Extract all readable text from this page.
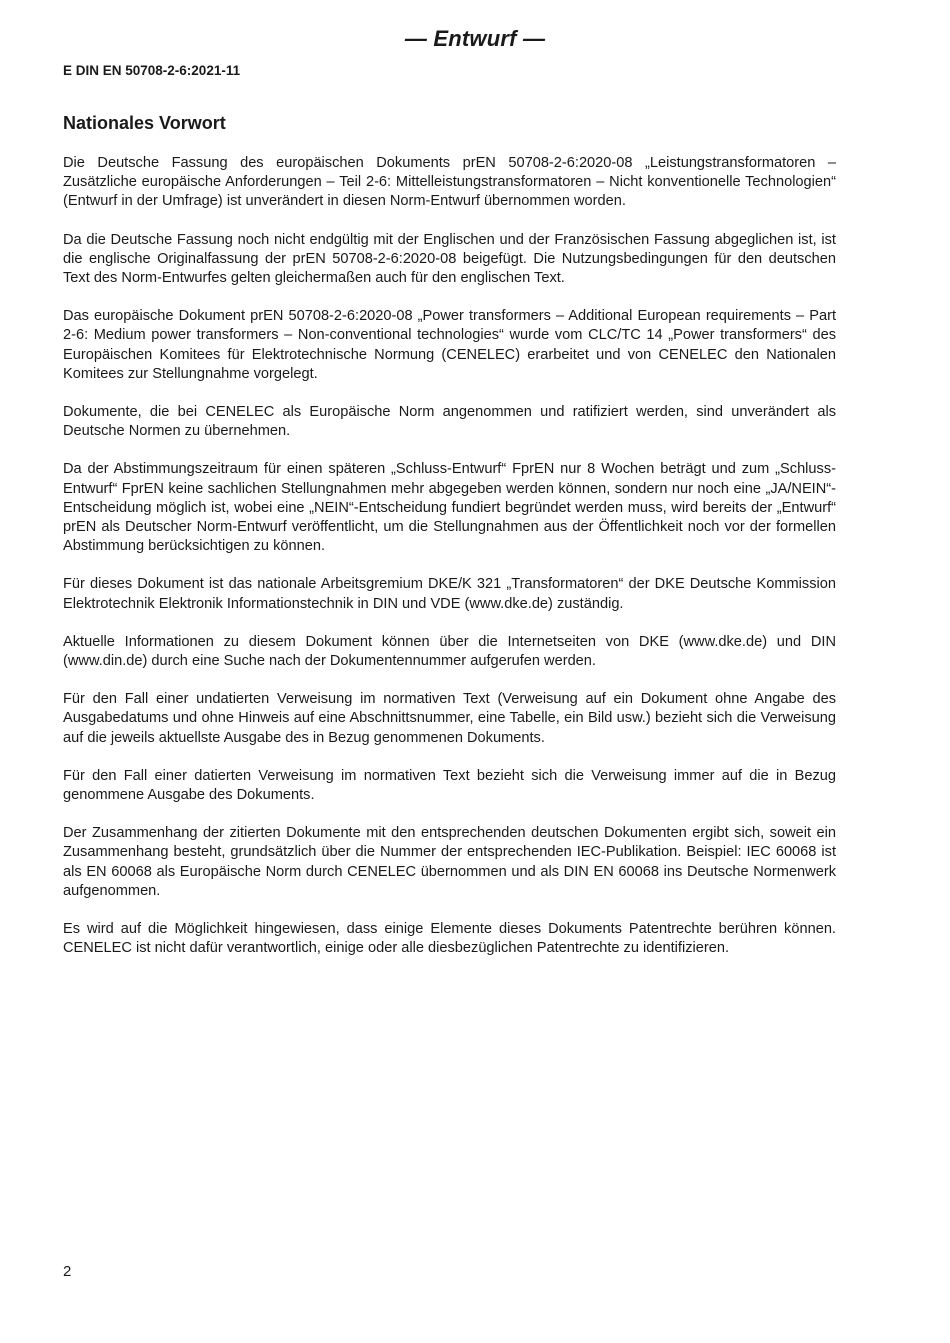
— Entwurf —
E DIN EN 50708-2-6:2021-11
Nationales Vorwort

Die Deutsche Fassung des europäischen Dokuments prEN 50708-2-6:2020-08 „Leistungstransformatoren – Zusätzliche europäische Anforderungen – Teil 2-6: Mittelleistungstransformatoren – Nicht konventionelle Technologien“ (Entwurf in der Umfrage) ist unverändert in diesen Norm-Entwurf übernommen worden.

Da die Deutsche Fassung noch nicht endgültig mit der Englischen und der Französischen Fassung abgeglichen ist, ist die englische Originalfassung der prEN 50708-2-6:2020-08 beigefügt. Die Nutzungsbedingungen für den deutschen Text des Norm-Entwurfes gelten gleichermaßen auch für den englischen Text.

Das europäische Dokument prEN 50708-2-6:2020-08 „Power transformers – Additional European requirements – Part 2-6: Medium power transformers – Non-conventional technologies“ wurde vom CLC/TC 14 „Power transformers“ des Europäischen Komitees für Elektrotechnische Normung (CENELEC) erarbeitet und von CENELEC den Nationalen Komitees zur Stellungnahme vorgelegt.

Dokumente, die bei CENELEC als Europäische Norm angenommen und ratifiziert werden, sind unverändert als Deutsche Normen zu übernehmen.

Da der Abstimmungszeitraum für einen späteren „Schluss-Entwurf“ FprEN nur 8 Wochen beträgt und zum „Schluss-Entwurf“ FprEN keine sachlichen Stellungnahmen mehr abgegeben werden können, sondern nur noch eine „JA/NEIN“-Entscheidung möglich ist, wobei eine „NEIN“-Entscheidung fundiert begründet werden muss, wird bereits der „Entwurf“ prEN als Deutscher Norm-Entwurf veröffentlicht, um die Stellungnahmen aus der Öffentlichkeit noch vor der formellen Abstimmung berücksichtigen zu können.

Für dieses Dokument ist das nationale Arbeitsgremium DKE/K 321 „Transformatoren“ der DKE Deutsche Kommission Elektrotechnik Elektronik Informationstechnik in DIN und VDE (www.dke.de) zuständig.

Aktuelle Informationen zu diesem Dokument können über die Internetseiten von DKE (www.dke.de) und DIN (www.din.de) durch eine Suche nach der Dokumentennummer aufgerufen werden.

Für den Fall einer undatierten Verweisung im normativen Text (Verweisung auf ein Dokument ohne Angabe des Ausgabedatums und ohne Hinweis auf eine Abschnittsnummer, eine Tabelle, ein Bild usw.) bezieht sich die Verweisung auf die jeweils aktuellste Ausgabe des in Bezug genommenen Dokuments.

Für den Fall einer datierten Verweisung im normativen Text bezieht sich die Verweisung immer auf die in Bezug genommene Ausgabe des Dokuments.

Der Zusammenhang der zitierten Dokumente mit den entsprechenden deutschen Dokumenten ergibt sich, soweit ein Zusammenhang besteht, grundsätzlich über die Nummer der entsprechenden IEC-Publikation. Beispiel: IEC 60068 ist als EN 60068 als Europäische Norm durch CENELEC übernommen und als DIN EN 60068 ins Deutsche Normenwerk aufgenommen.

Es wird auf die Möglichkeit hingewiesen, dass einige Elemente dieses Dokuments Patentrechte berühren können. CENELEC ist nicht dafür verantwortlich, einige oder alle diesbezüglichen Patentrechte zu identifizieren.

2
